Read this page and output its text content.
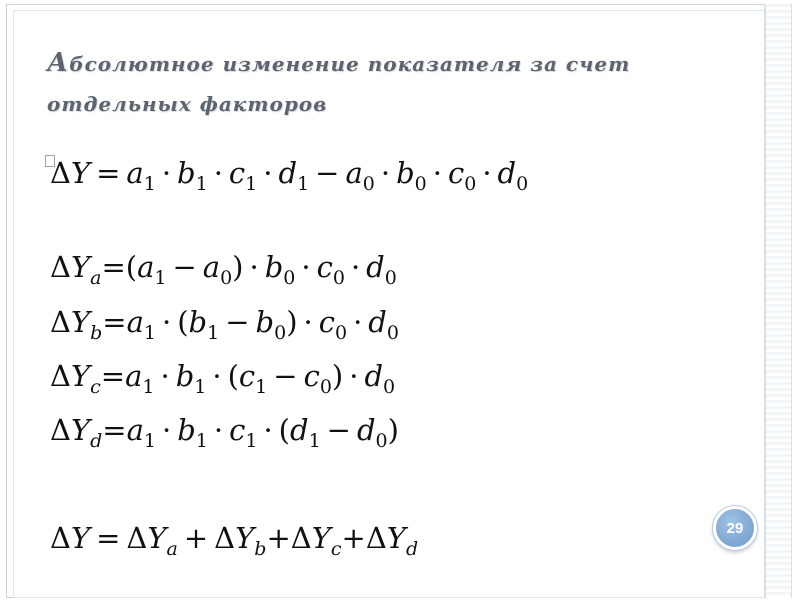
Абсолютное изменение показателя за счет
отдельных факторов
$\Delta Y = a_1 \cdot b_1 \cdot c_1 \cdot d_1 - a_0 \cdot b_0 \cdot c_0 \cdot d_0$
$\Delta Y_a=(a_1 - a_0) \cdot b_0 \cdot c_0 \cdot d_0$
$\Delta Y_b=a_1 \cdot (b_1 - b_0) \cdot c_0 \cdot d_0$
$\Delta Y_c=a_1 \cdot b_1 \cdot (c_1 - c_0) \cdot d_0$
$\Delta Y_d=a_1 \cdot b_1 \cdot c_1 \cdot (d_1 - d_0)$
$\Delta Y = \Delta Y_a + \Delta Y_b+\Delta Y_c+\Delta Y_d$
29
